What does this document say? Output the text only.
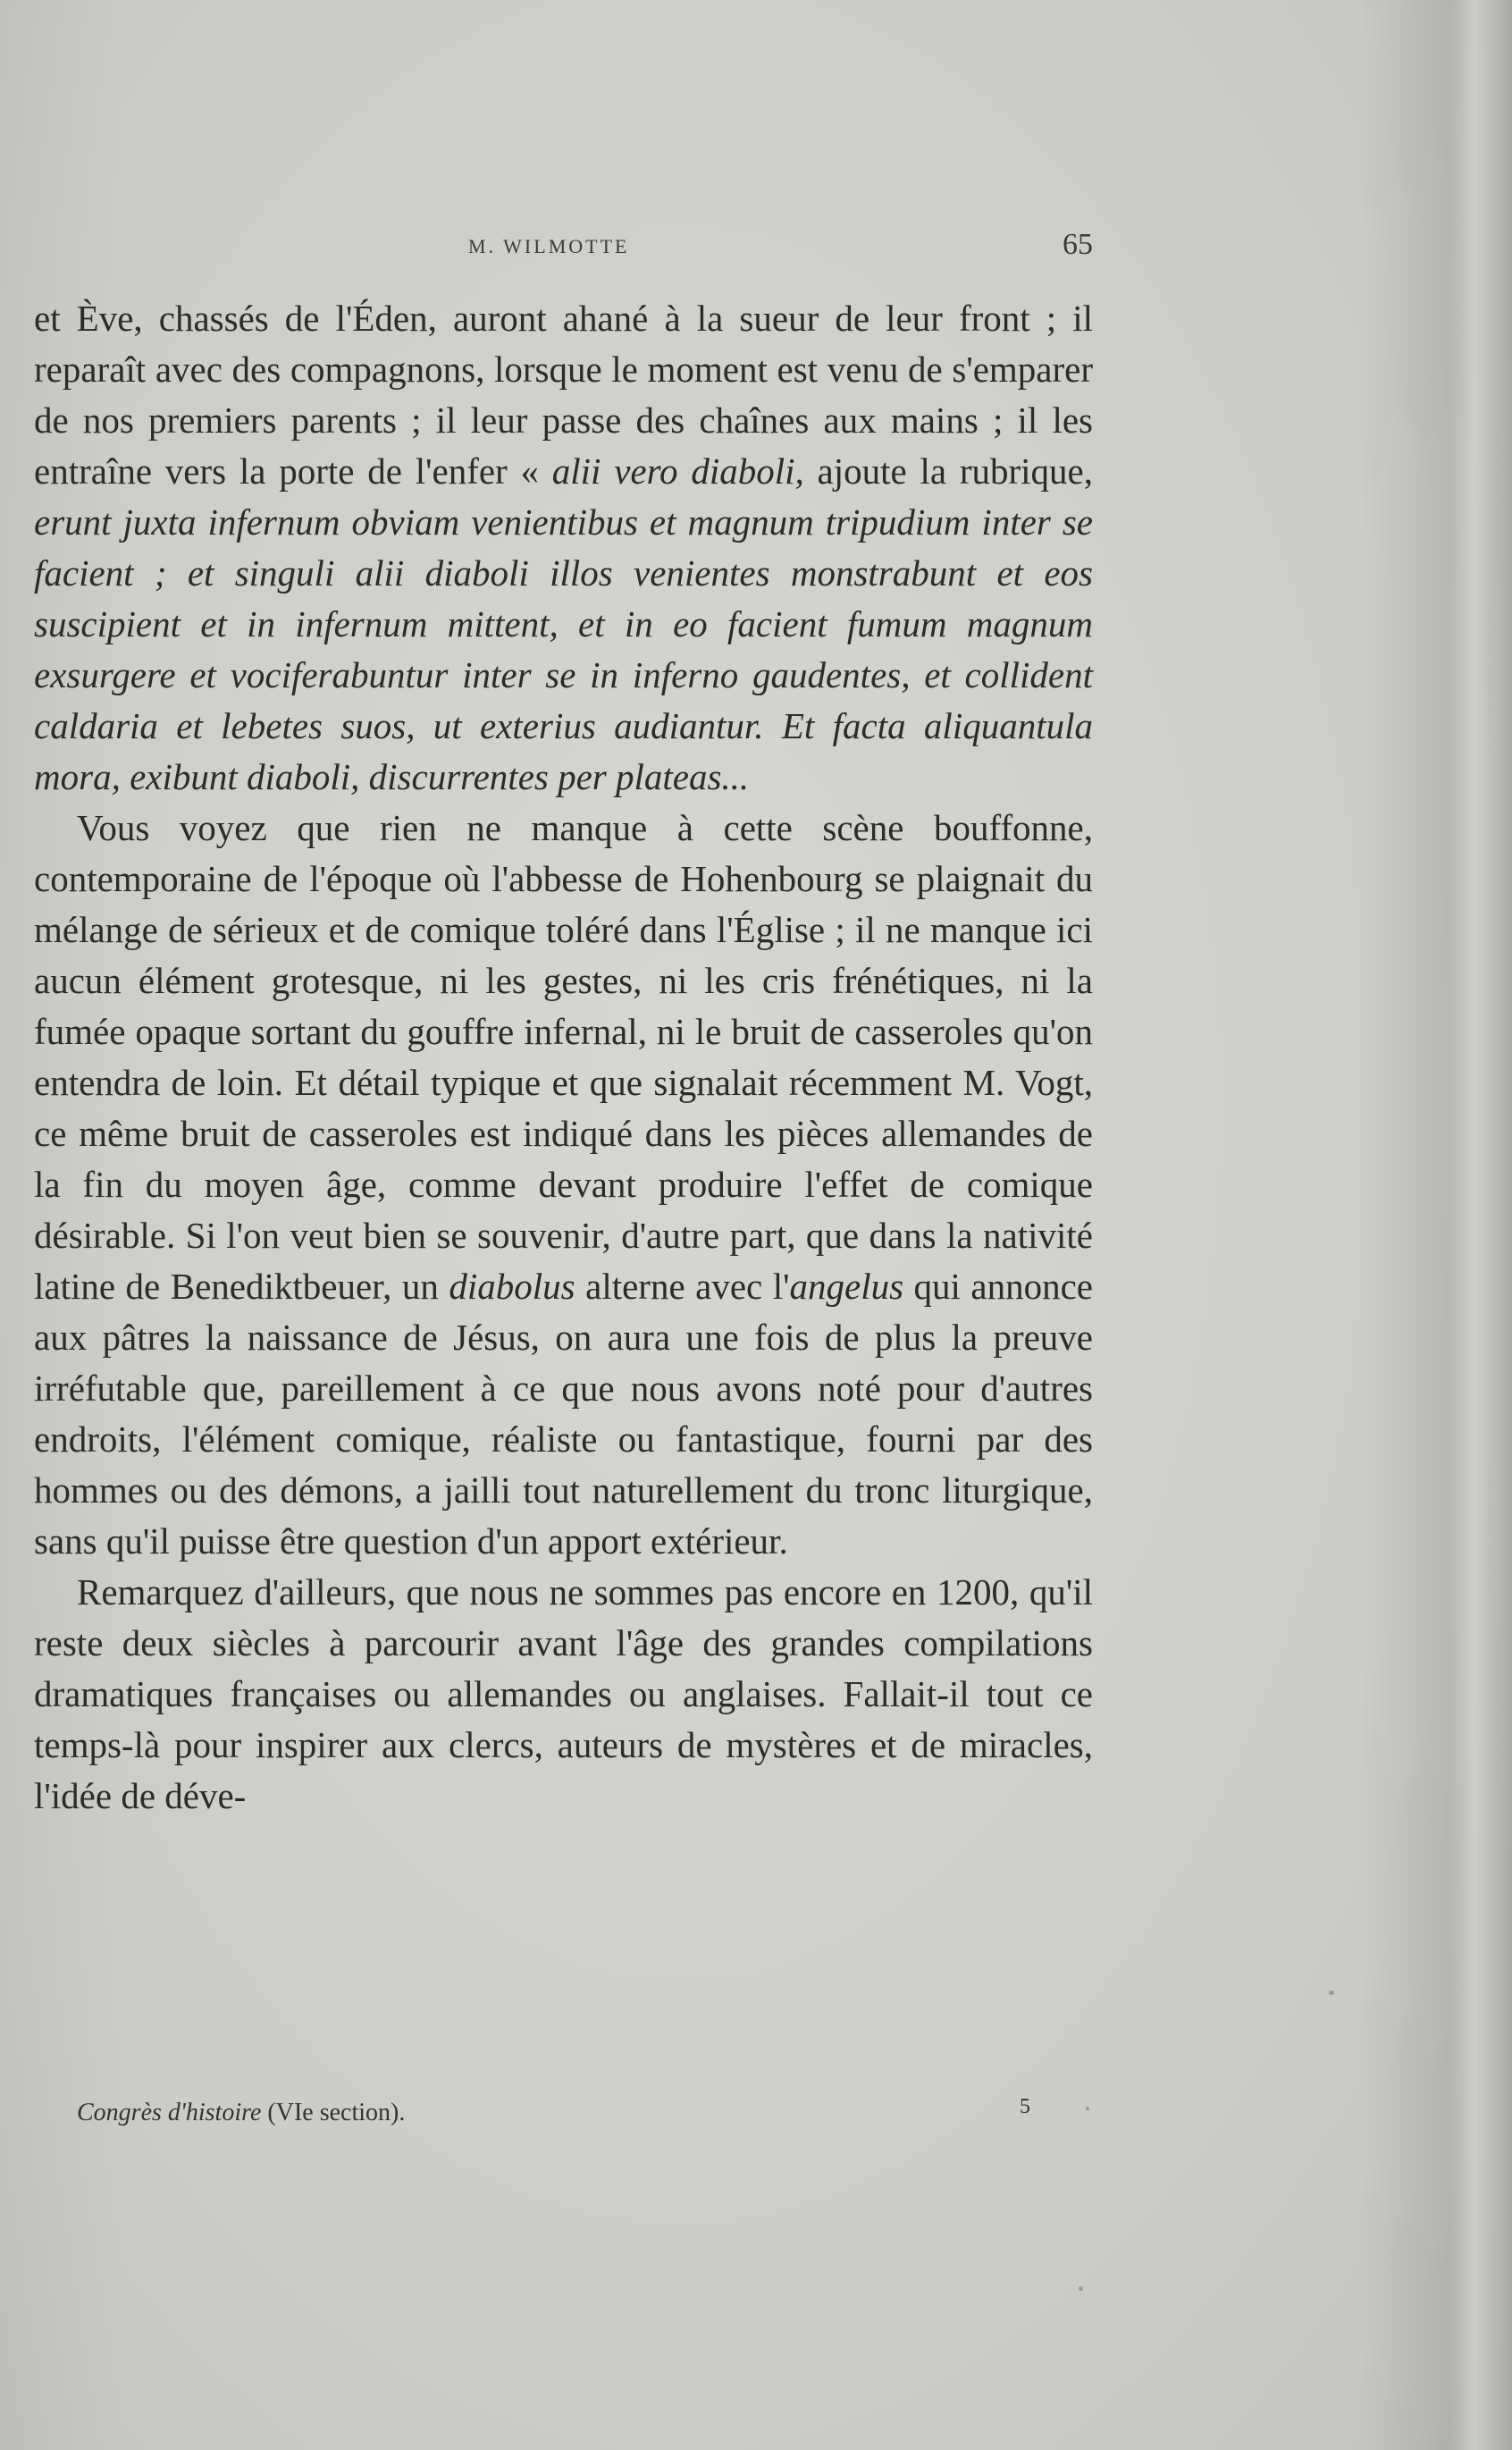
M. WILMOTTE	65

et Ève, chassés de l'Éden, auront ahané à la sueur de leur front ; il reparaît avec des compagnons, lorsque le moment est venu de s'emparer de nos premiers parents ; il leur passe des chaînes aux mains ; il les entraîne vers la porte de l'enfer « alii vero diaboli, ajoute la rubrique, erunt juxta infernum obviam venientibus et magnum tripudium inter se facient ; et singuli alii diaboli illos venientes monstrabunt et eos suscipient et in infernum mittent, et in eo facient fumum magnum exsurgere et vociferabuntur inter se in inferno gaudentes, et collident caldaria et lebetes suos, ut exterius audiantur. Et facta aliquantula mora, exibunt diaboli, discurrentes per plateas...

Vous voyez que rien ne manque à cette scène bouffonne, contemporaine de l'époque où l'abbesse de Hohenbourg se plaignait du mélange de sérieux et de comique toléré dans l'Église ; il ne manque ici aucun élément grotesque, ni les gestes, ni les cris frénétiques, ni la fumée opaque sortant du gouffre infernal, ni le bruit de casseroles qu'on entendra de loin. Et détail typique et que signalait récemment M. Vogt, ce même bruit de casseroles est indiqué dans les pièces allemandes de la fin du moyen âge, comme devant produire l'effet de comique désirable. Si l'on veut bien se souvenir, d'autre part, que dans la nativité latine de Benediktbeuer, un diabolus alterne avec l'angelus qui annonce aux pâtres la naissance de Jésus, on aura une fois de plus la preuve irréfutable que, pareillement à ce que nous avons noté pour d'autres endroits, l'élément comique, réaliste ou fantastique, fourni par des hommes ou des démons, a jailli tout naturellement du tronc liturgique, sans qu'il puisse être question d'un apport extérieur.

Remarquez d'ailleurs, que nous ne sommes pas encore en 1200, qu'il reste deux siècles à parcourir avant l'âge des grandes compilations dramatiques françaises ou allemandes ou anglaises. Fallait-il tout ce temps-là pour inspirer aux clercs, auteurs de mystères et de miracles, l'idée de déve-

Congrès d'histoire (VIe section).	5
